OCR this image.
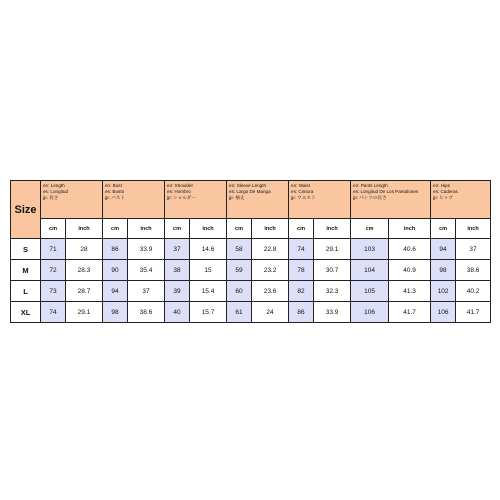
Size	en: Length
es: Longitud
jp: 長さ		en: Bust
es: Busto
jp: バスト		en: Shoulder
es: Hombro
jp: ショルダー		en: Sleeve Length
es: Largo De Manga
jp: 袖丈		en: Waist
es: Cintura
jp: ウエスト		en: Pants Length
es: Longitud De Los Pantalones
jp: パンツの長さ		en: Hips
es: Caderas
jp: ヒップ	

	cm	inch	cm	inch	cm	inch	cm	inch	cm	inch	cm	inch	cm	inch
S	71	28	86	33.9	37	14.6	58	22.8	74	29.1	103	40.6	94	37
M	72	28.3	90	35.4	38	15	59	23.2	78	30.7	104	40.9	98	38.6
L	73	28.7	94	37	39	15.4	60	23.6	82	32.3	105	41.3	102	40.2
XL	74	29.1	98	38.6	40	15.7	61	24	86	33.9	106	41.7	106	41.7
